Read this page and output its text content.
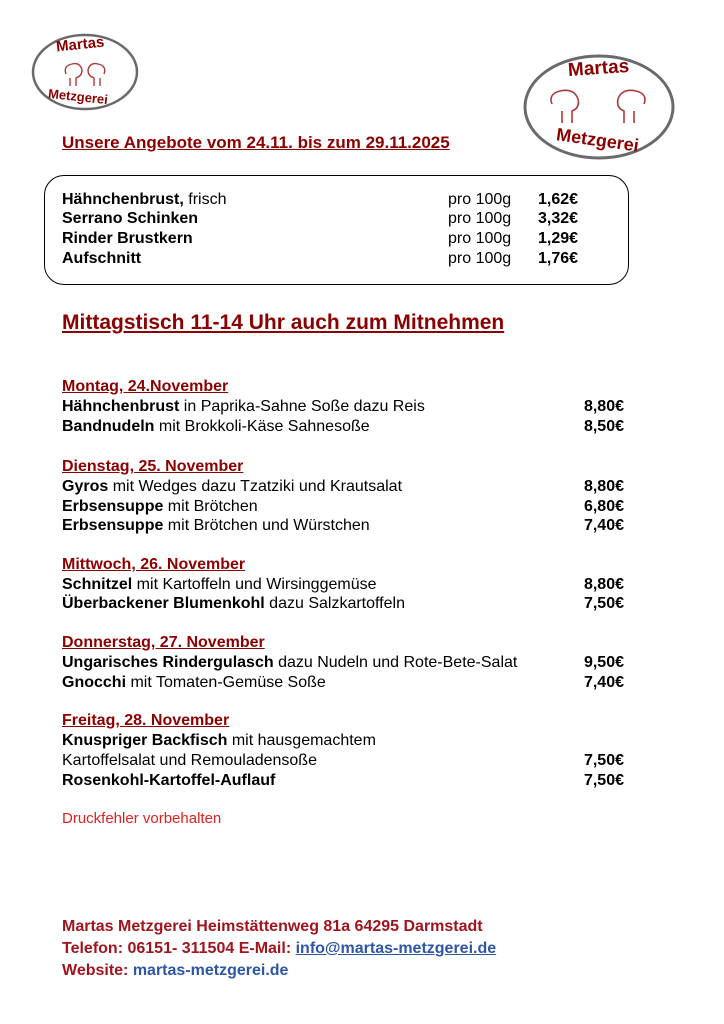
Martas
Metzgerei
Martas
Metzgerei
Unsere Angebote vom 24.11. bis zum 29.11.2025
Hähnchenbrust, frisch	pro 100g 1,62€
Serrano Schinken	pro 100g 3,32€
Rinder Brustkern	pro 100g 1,29€
Aufschnitt	pro 100g 1,76€
Mittagstisch 11-14 Uhr auch zum Mitnehmen
Montag, 24.November
Hähnchenbrust in Paprika-Sahne Soße dazu Reis	8,80€
Bandnudeln mit Brokkoli-Käse Sahnesoße	8,50€
Dienstag, 25. November
Gyros mit Wedges dazu Tzatziki und Krautsalat	8,80€
Erbsensuppe mit Brötchen	6,80€
Erbsensuppe mit Brötchen und Würstchen	7,40€
Mittwoch, 26. November
Schnitzel mit Kartoffeln und Wirsinggemüse	8,80€
Überbackener Blumenkohl dazu Salzkartoffeln	7,50€
Donnerstag, 27. November
Ungarisches Rindergulasch dazu Nudeln und Rote-Bete-Salat	9,50€
Gnocchi mit Tomaten-Gemüse Soße	7,40€
Freitag, 28. November
Knuspriger Backfisch mit hausgemachtem
Kartoffelsalat und Remouladensoße	7,50€
Rosenkohl-Kartoffel-Auflauf	7,50€
Druckfehler vorbehalten
Martas Metzgerei Heimstättenweg 81a 64295 Darmstadt
Telefon: 06151- 311504 E-Mail: info@martas-metzgerei.de
Website: martas-metzgerei.de
